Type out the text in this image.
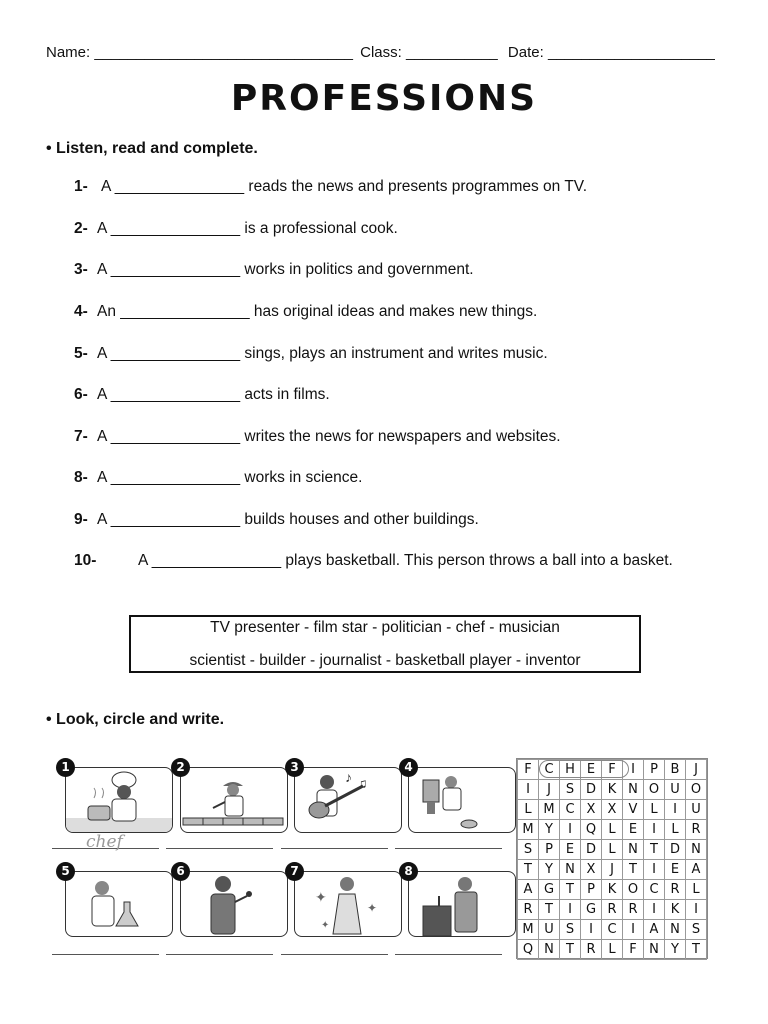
Name: _______________________________ Class: ___________ Date: ____________________
PROFESSIONS
• Listen, read and complete.
1- A _______________ reads the news and presents programmes on TV.
2- A _______________ is a professional cook.
3- A _______________ works in politics and government.
4- An _______________ has original ideas and makes new things.
5- A _______________ sings, plays an instrument and writes music.
6- A _______________ acts in films.
7- A _______________ writes the news for newspapers and websites.
8- A _______________ works in science.
9- A _______________ builds houses and other buildings.
10-	A _______________ plays basketball. This person throws a ball into a basket.
TV presenter - film star - politician - chef - musician
scientist - builder - journalist - basketball player - inventor
• Look, circle and write.
1	2
♪ ♫
3	4
chef
5	6
✦
✦
✦
7	8
F	C	H	E	F	I	P	B	J
I	J	S	D	K	N	O	U	O
L	M	C	X	X	V	L	I	U
M	Y	I	Q	L	E	I	L	R
S	P	E	D	L	N	T	D	N
T	Y	N	X	J	T	I	E	A
A	G	T	P	K	O	C	R	L
R	T	I	G	R	R	I	K	I
M	U	S	I	C	I	A	N	S
Q	N	T	R	L	F	N	Y	T
